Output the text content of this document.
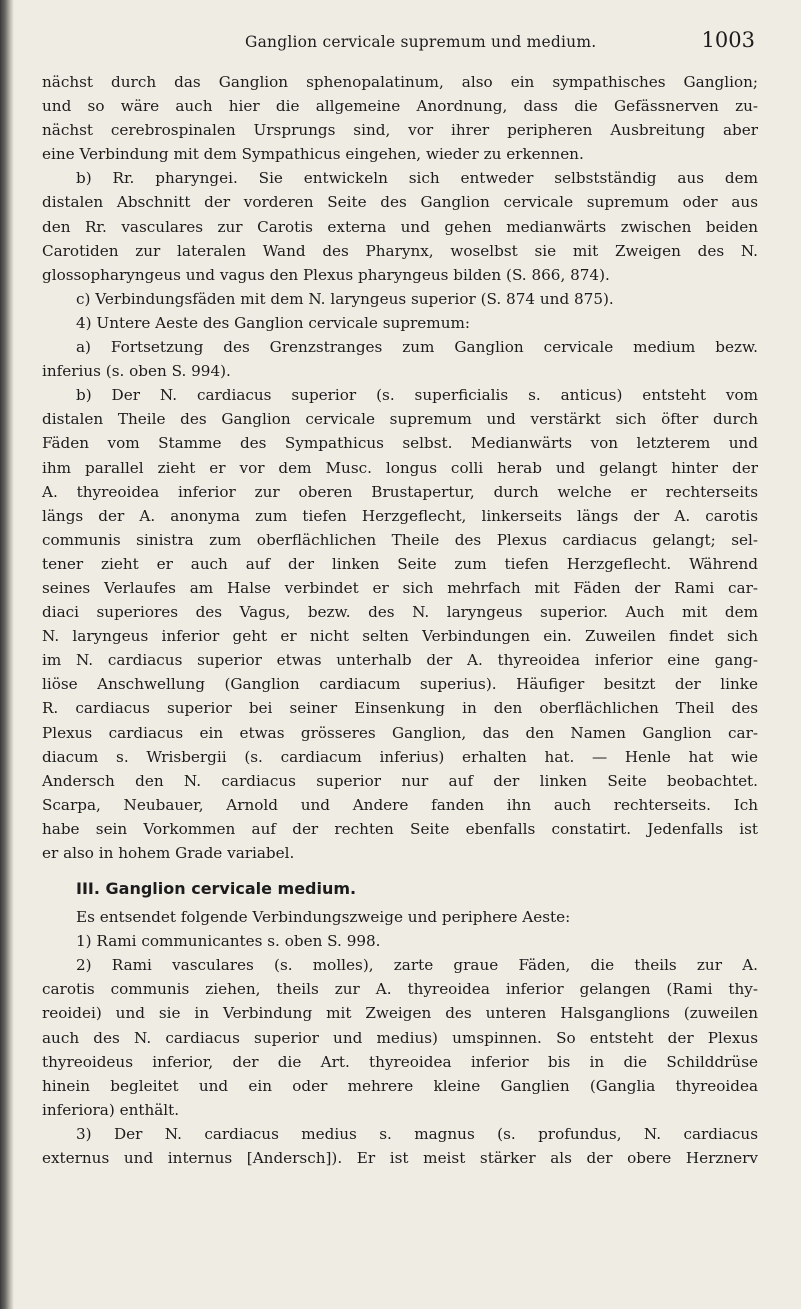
Ganglion cervicale supremum und medium.	1003
nächst durch das Ganglion sphenopalatinum, also ein sympathisches Ganglion;
und so wäre auch hier die allgemeine Anordnung, dass die Gefässnerven zu-
nächst cerebrospinalen Ursprungs sind, vor ihrer peripheren Ausbreitung aber
eine Verbindung mit dem Sympathicus eingehen, wieder zu erkennen.
b) Rr. pharyngei. Sie entwickeln sich entweder selbstständig aus dem
distalen Abschnitt der vorderen Seite des Ganglion cervicale supremum oder aus
den Rr. vasculares zur Carotis externa und gehen medianwärts zwischen beiden
Carotiden zur lateralen Wand des Pharynx, woselbst sie mit Zweigen des N.
glossopharyngeus und vagus den Plexus pharyngeus bilden (S. 866, 874).
c) Verbindungsfäden mit dem N. laryngeus superior (S. 874 und 875).
4) Untere Aeste des Ganglion cervicale supremum:
a) Fortsetzung des Grenzstranges zum Ganglion cervicale medium bezw.
inferius (s. oben S. 994).
b) Der N. cardiacus superior (s. superficialis s. anticus) entsteht vom
distalen Theile des Ganglion cervicale supremum und verstärkt sich öfter durch
Fäden vom Stamme des Sympathicus selbst. Medianwärts von letzterem und
ihm parallel zieht er vor dem Musc. longus colli herab und gelangt hinter der
A. thyreoidea inferior zur oberen Brustapertur, durch welche er rechterseits
längs der A. anonyma zum tiefen Herzgeflecht, linkerseits längs der A. carotis
communis sinistra zum oberflächlichen Theile des Plexus cardiacus gelangt; sel-
tener zieht er auch auf der linken Seite zum tiefen Herzgeflecht. Während
seines Verlaufes am Halse verbindet er sich mehrfach mit Fäden der Rami car-
diaci superiores des Vagus, bezw. des N. laryngeus superior. Auch mit dem
N. laryngeus inferior geht er nicht selten Verbindungen ein. Zuweilen findet sich
im N. cardiacus superior etwas unterhalb der A. thyreoidea inferior eine gang-
liöse Anschwellung (Ganglion cardiacum superius). Häufiger besitzt der linke
R. cardiacus superior bei seiner Einsenkung in den oberflächlichen Theil des
Plexus cardiacus ein etwas grösseres Ganglion, das den Namen Ganglion car-
diacum s. Wrisbergii (s. cardiacum inferius) erhalten hat. — Henle hat wie
Andersch den N. cardiacus superior nur auf der linken Seite beobachtet.
Scarpa, Neubauer, Arnold und Andere fanden ihn auch rechterseits. Ich
habe sein Vorkommen auf der rechten Seite ebenfalls constatirt. Jedenfalls ist
er also in hohem Grade variabel.
III. Ganglion cervicale medium.
Es entsendet folgende Verbindungszweige und periphere Aeste:
1) Rami communicantes s. oben S. 998.
2) Rami vasculares (s. molles), zarte graue Fäden, die theils zur A.
carotis communis ziehen, theils zur A. thyreoidea inferior gelangen (Rami thy-
reoidei) und sie in Verbindung mit Zweigen des unteren Halsganglions (zuweilen
auch des N. cardiacus superior und medius) umspinnen. So entsteht der Plexus
thyreoideus inferior, der die Art. thyreoidea inferior bis in die Schilddrüse
hinein begleitet und ein oder mehrere kleine Ganglien (Ganglia thyreoidea
inferiora) enthält.
3) Der N. cardiacus medius s. magnus (s. profundus, N. cardiacus
externus und internus [Andersch]). Er ist meist stärker als der obere Herznerv
